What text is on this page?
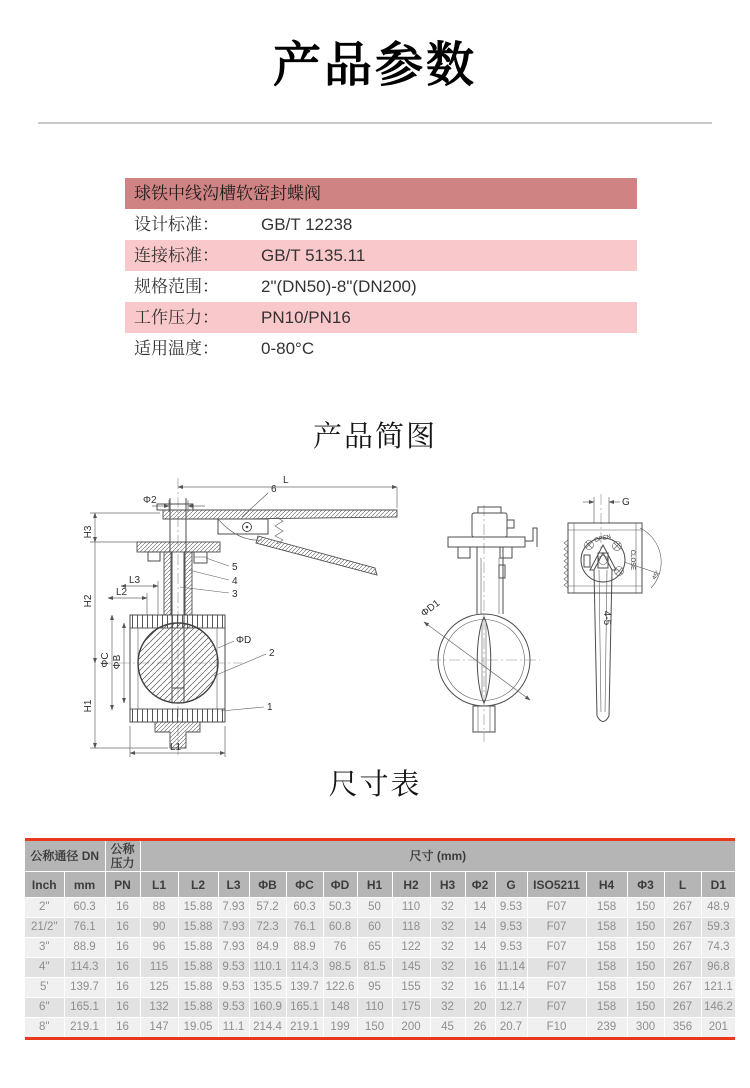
产品参数
球铁中线沟槽软密封蝶阀
设计标准：	GB/T 12238
连接标准：	GB/T 5135.11
规格范围：	2"(DN50)-8"(DN200)
工作压力：	PN10/PN16
适用温度：	0-80°C
产品简图
L
Φ2
H3
H2
H1
L3
L2
ΦC ΦB
ΦD
6
5
4
3
2
1
L1
ΦD1
G
OPEN
CLOSE
45°
4-5
尺寸表
公称通径 DN		公称压力	尺寸 (mm)															
Inch	mm	PN	L1	L2	L3	ΦB	ΦC	ΦD	H1	H2	H3	Φ2	G	ISO5211	H4	Φ3	L	D1
2"	60.3	16	88	15.88	7.93	57.2	60.3	50.3	50	110	32	14	9.53	F07	158	150	267	48.9
21/2"	76.1	16	90	15.88	7.93	72.3	76.1	60.8	60	118	32	14	9.53	F07	158	150	267	59.3
3"	88.9	16	96	15.88	7.93	84.9	88.9	76	65	122	32	14	9.53	F07	158	150	267	74.3
4"	114.3	16	115	15.88	9.53	110.1	114.3	98.5	81.5	145	32	16	11.14	F07	158	150	267	96.8
5'	139.7	16	125	15.88	9.53	135.5	139.7	122.6	95	155	32	16	11.14	F07	158	150	267	121.1
6"	165.1	16	132	15.88	9.53	160.9	165.1	148	110	175	32	20	12.7	F07	158	150	267	146.2
8"	219.1	16	147	19.05	11.1	214.4	219.1	199	150	200	45	26	20.7	F10	239	300	356	201
